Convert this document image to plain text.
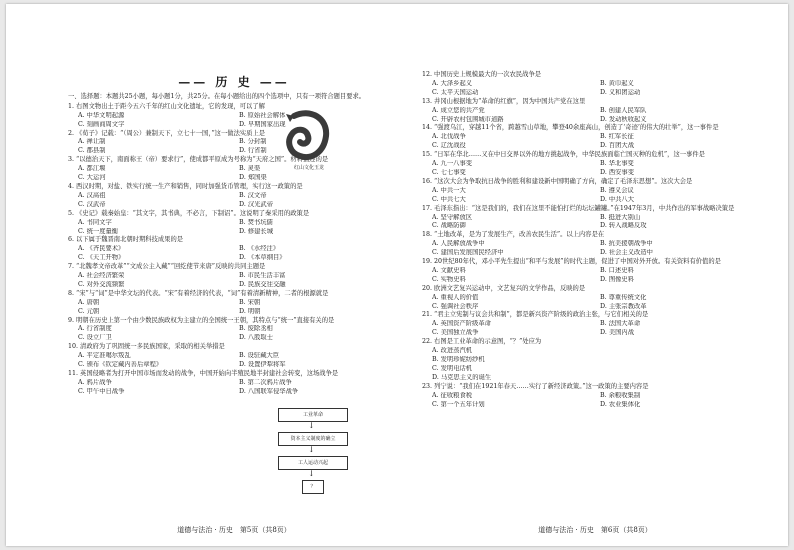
—— 历 史 ——

一、选择题：本题共25小题，每小题1分，共25分。在每小题给出的四个选项中，只有一项符合题目要求。

1. 右图文物出土于距今五六千年的红山文化遗址，它的发现，可以了解

A. 中华文明起源	B. 原始社会解体
C. 刻画商周文字	D. 早期国家出现

2. 《荀子》记载：“（周公）兼制天下，立七十一国，”这一做法实质上是

A. 禅让制	B. 分封制
C. 郡县制	D. 行省制

3. “以德治天下，南面称王（帝）要求行”，使成都平原成为号称为“天府之国”。材料描述的是

A. 都江堰	B. 灵渠
C. 大运河	D. 郑国渠

4. 西汉时期，对盐、铁实行统一生产和销售，同时加强货币管理，实行这一政策的是

A. 汉高祖	B. 汉文帝
C. 汉武帝	D. 汉光武帝

5. 《史记》载秦始皇：“其文字，其书典，不必言，下制诏”。这说明了秦采用的政策是

A. 书同文字	B. 焚书坑儒
C. 统一度量衡	D. 修建长城

6. 以下属于魏晋南北朝时期科技成果的是

A. 《齐民要术》	B. 《水经注》
C. 《天工开物》	D. 《本草纲目》

7. “北魏孝文帝改革”“文成公主入藏”“回纥使节来唐”反映的共同主题是

A. 社会经济繁荣	B. 市民生活丰富
C. 对外交流频繁	D. 民族交往交融

8. “宋”与“词”是中华文坛的代表。“宋”有着经济的代表，“词”有着清新精神，二者的根源就是

A. 唐朝	B. 宋朝
C. 元朝	D. 明朝

9. 明朝在历史上第一个由少数民族政权为主建立的全国统一王朝，其特点与“统一”直接有关的是

A. 行省制度	B. 废除丞相
C. 设立厂卫	D. 八股取士

10. 清政府为了巩固统一多民族国家，采取的相关举措是

A. 平定准噶尔叛乱	B. 设驻藏大臣
C. 颁布《钦定藏内善后章程》	D. 设置伊犁将军

11. 英国侵略者为打开中国市场而发动的战争，中国开始向半殖民地半封建社会转变，这场战争是

A. 鸦片战争	B. 第二次鸦片战争
C. 甲午中日战争	D. 八国联军侵华战争
道德与法治 · 历史　第5页（共8页）
红山文化玉龙

12. 中国历史上规模最大的一次农民战争是

A. 大泽乡起义	B. 黄巾起义
C. 太平天国运动	D. 义和团运动

13. 井冈山根据地为“革命的红旗”，因为中国共产党在这里

A. 成立您的共产党	B. 创建人民军队
C. 开辟农村包围城市道路	D. 发动秋收起义

14. “强渡乌江，穿越11个省，跨越雪山草地，攀登40余座高山，创造了‘奇迹’的伟大的壮举”，这一事件是

A. 北伐战争	B. 红军长征
C. 辽沈战役	D. 百团大战

15. “日军在华北……又在中日交界以外的地方挑起战争，中华民族面临亡国灭种的危机”，这一事件是

A. 九一八事变	B. 华北事变
C. 七七事变	D. 西安事变

16. “这次大会为争取抗日战争的胜利和建设新中国明确了方向，确定了毛泽东思想”。这次大会是

A. 中共一大	B. 遵义会议
C. 中共七大	D. 中共八大

17. 毛泽东指出：“这是我们的，我们在这里不能怕打烂的坛坛罐罐。”在1947年3月，中共作出的军事战略决策是

A. 坚守解放区	B. 挺进大别山
C. 战略防御	D. 转入战略反攻

18. “土地改革，是为了发展生产，改善农民生活”。以上内容是在

A. 人民解放战争中	B. 抗美援朝战争中
C. 建国后发展国民经济中	D. 社会主义改造中

19. 20世纪80年代，邓小平先生提出“和平与发展”的时代主题，促进了中国对外开放。有关资料有价值的是

A. 文献史料	B. 口述史料
C. 实物史料	D. 图像史料

20. 欧洲文艺复兴运动中，文艺复兴的文学作品，反映的是

A. 重视人的价值	B. 尊重传统文化
C. 强调社会秩序	D. 主张宗教改革

21. “君主立宪制与议会共和制”，都是新兴资产阶级的政治主张，与它们相关的是

A. 英国资产阶级革命	B. 法国大革命
C. 美国独立战争	D. 美国内战

22. 右图是工业革命的示意图，“？”处应为

A. 改进蒸汽机
B. 发明珍妮纺纱机
C. 发明电话机
D. 马克思主义的诞生

23. 列宁说：“我们在1921年春天……实行了新经济政策。”这一政策的主要内容是

A. 征收粮食税	B. 余粮收集制
C. 第一个五年计划	D. 农业集体化
道德与法治 · 历史　第6页（共8页）
工业革命
↓
资本主义制度的确立
↓
工人运动兴起
↓
？
